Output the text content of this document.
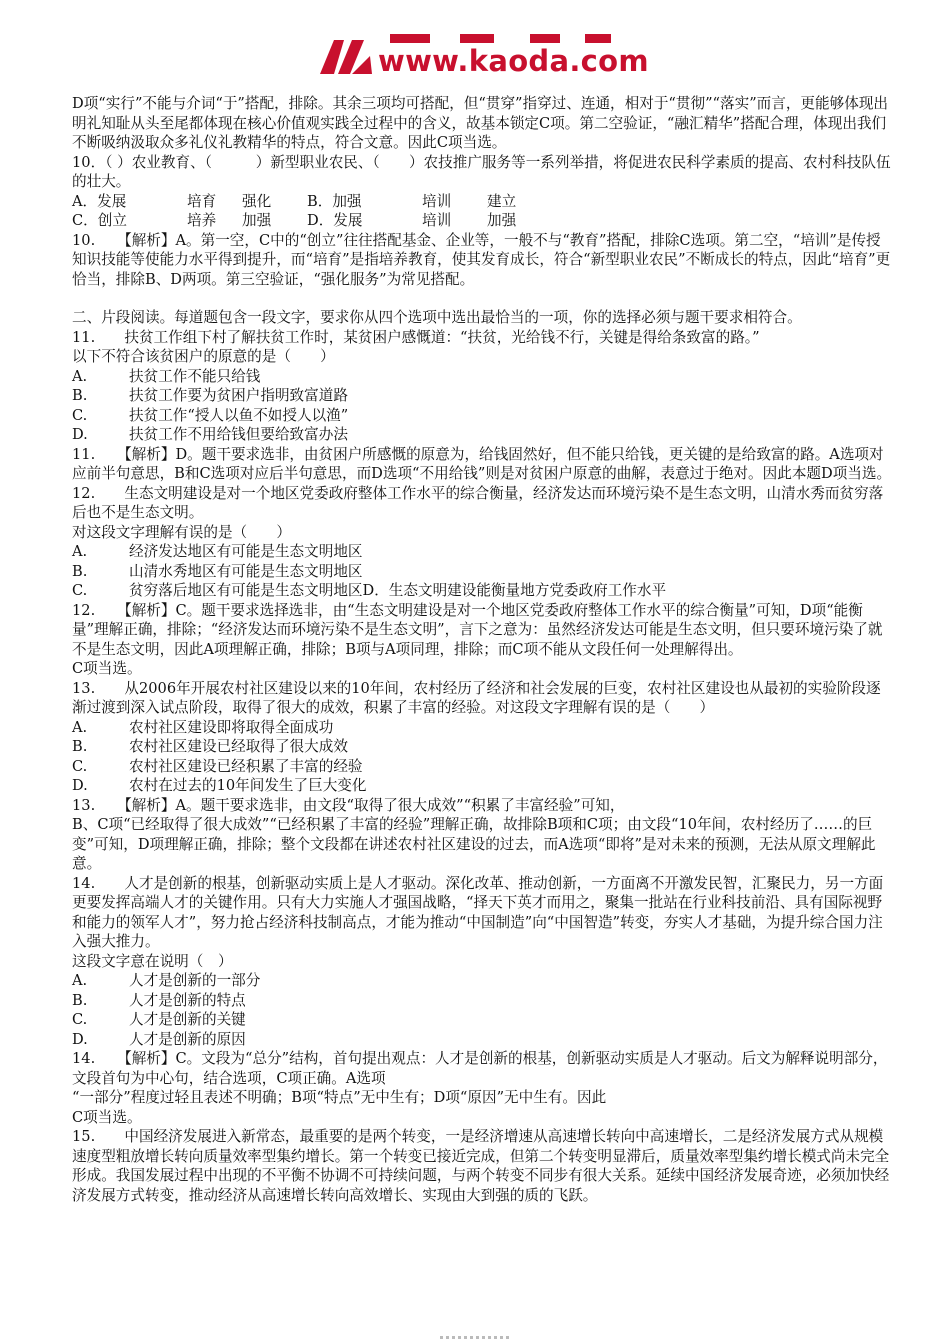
www.kaoda.com

D项“实行”不能与介词“于”搭配，排除。其余三项均可搭配，但“贯穿”指穿过、连通，相对于“贯彻”“落实”而言，更能够体现出明礼知耻从头至尾都体现在核心价值观实践全过程中的含义，故基本锁定C项。第二空验证，“融汇精华”搭配合理，体现出我们不断吸纳汲取众多礼仪礼教精华的特点，符合文意。因此C项当选。

10．（ ）农业教育、（　　　）新型职业农民、（　　）农技推广服务等一系列举措，将促进农民科学素质的提高、农村科技队伍的壮大。

A．发展	培育	强化	B．加强	培训	建立
C．创立	培养	加强	D．发展	培训	加强

10.　　【解析】A。第一空，C中的“创立”往往搭配基金、企业等，一般不与“教育”搭配，排除C选项。第二空，“培训”是传授知识技能等使能力水平得到提升，而“培育”是指培养教育，使其发育成长，符合“新型职业农民”不断成长的特点，因此“培育”更恰当，排除B、D两项。第三空验证，“强化服务”为常见搭配。

二、片段阅读。每道题包含一段文字，要求你从四个选项中选出最恰当的一项，你的选择必须与题干要求相符合。

11.　　扶贫工作组下村了解扶贫工作时，某贫困户感慨道：“扶贫，光给钱不行，关键是得给条致富的路。”

以下不符合该贫困户的原意的是（　　）

A.	扶贫工作不能只给钱
B.	扶贫工作要为贫困户指明致富道路
C.	扶贫工作“授人以鱼不如授人以渔”
D.	扶贫工作不用给钱但要给致富办法

11.　　【解析】D。题干要求选非，由贫困户所感慨的原意为，给钱固然好，但不能只给钱，更关键的是给致富的路。A选项对应前半句意思，B和C选项对应后半句意思，而D选项“不用给钱”则是对贫困户原意的曲解，表意过于绝对。因此本题D项当选。

12.　　生态文明建设是对一个地区党委政府整体工作水平的综合衡量，经济发达而环境污染不是生态文明，山清水秀而贫穷落后也不是生态文明。

对这段文字理解有误的是（　　）

A.	经济发达地区有可能是生态文明地区
B.	山清水秀地区有可能是生态文明地区
C.	贫穷落后地区有可能是生态文明地区D．生态文明建设能衡量地方党委政府工作水平

12.　　【解析】C。题干要求选择选非，由“生态文明建设是对一个地区党委政府整体工作水平的综合衡量”可知，D项“能衡量”理解正确，排除；“经济发达而环境污染不是生态文明”，言下之意为：虽然经济发达可能是生态文明，但只要环境污染了就不是生态文明，因此A项理解正确，排除；B项与A项同理，排除；而C项不能从文段任何一处理解得出。

C项当选。

13.　　从2006年开展农村社区建设以来的10年间，农村经历了经济和社会发展的巨变，农村社区建设也从最初的实验阶段逐渐过渡到深入试点阶段，取得了很大的成效，积累了丰富的经验。对这段文字理解有误的是（　　）

A.	农村社区建设即将取得全面成功
B.	农村社区建设已经取得了很大成效
C.	农村社区建设已经积累了丰富的经验
D.	农村在过去的10年间发生了巨大变化

13.　　【解析】A。题干要求选非，由文段“取得了很大成效”“积累了丰富经验”可知，

B、C项“已经取得了很大成效”“已经积累了丰富的经验”理解正确，故排除B项和C项；由文段“10年间，农村经历了……的巨变”可知，D项理解正确，排除；整个文段都在讲述农村社区建设的过去，而A选项“即将”是对未来的预测，无法从原文理解此意。

14.　　人才是创新的根基，创新驱动实质上是人才驱动。深化改革、推动创新，一方面离不开激发民智，汇聚民力，另一方面更要发挥高端人才的关键作用。只有大力实施人才强国战略，“择天下英才而用之，聚集一批站在行业科技前沿、具有国际视野和能力的领军人才”，努力抢占经济科技制高点，才能为推动“中国制造”向“中国智造”转变，夯实人才基础，为提升综合国力注入强大推力。

这段文字意在说明（　）

A.	人才是创新的一部分
B.	人才是创新的特点
C.	人才是创新的关键
D.	人才是创新的原因

14.　　【解析】C。文段为“总分”结构，首句提出观点：人才是创新的根基，创新驱动实质是人才驱动。后文为解释说明部分，文段首句为中心句，结合选项，C项正确。A选项

“一部分”程度过轻且表述不明确；B项“特点”无中生有；D项“原因”无中生有。因此

C项当选。

15.　　中国经济发展进入新常态，最重要的是两个转变，一是经济增速从高速增长转向中高速增长，二是经济发展方式从规模速度型粗放增长转向质量效率型集约增长。第一个转变已接近完成，但第二个转变明显滞后，质量效率型集约增长模式尚未完全形成。我国发展过程中出现的不平衡不协调不可持续问题，与两个转变不同步有很大关系。延续中国经济发展奇迹，必须加快经济发展方式转变，推动经济从高速增长转向高效增长、实现由大到强的质的飞跃。
